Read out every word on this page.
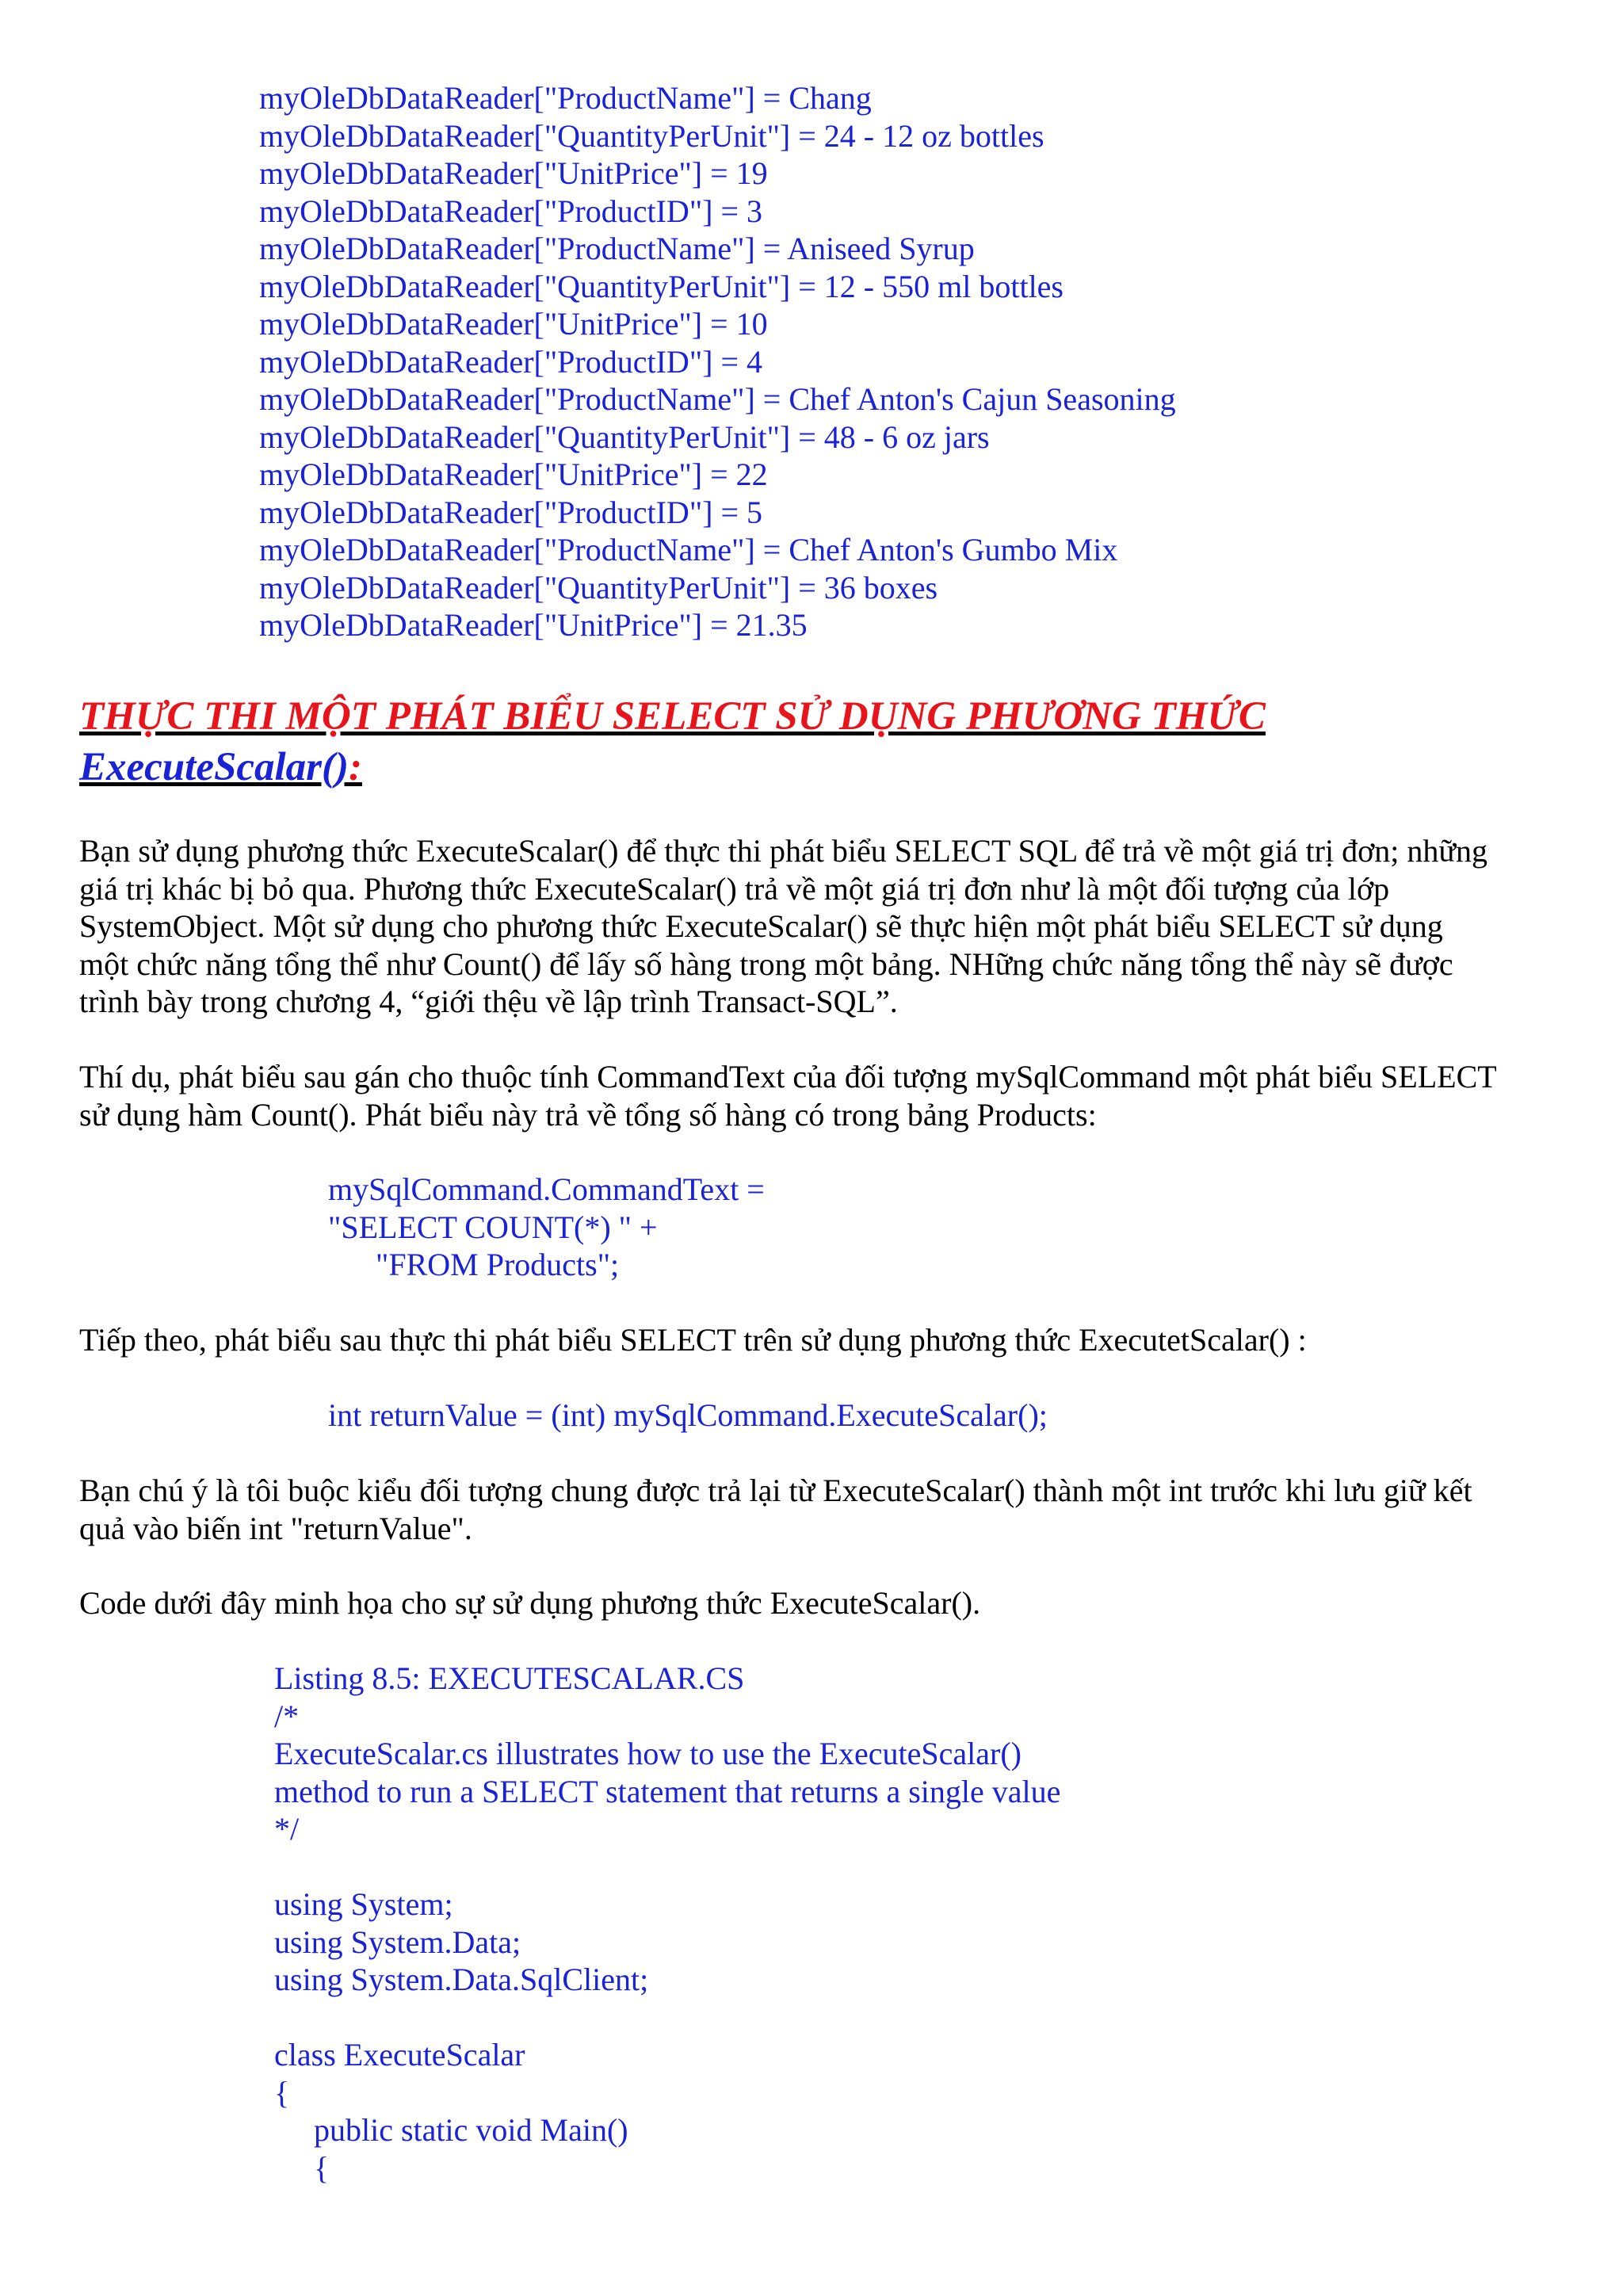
myOleDbDataReader["ProductName"] = Chang
myOleDbDataReader["QuantityPerUnit"] = 24 - 12 oz bottles
myOleDbDataReader["UnitPrice"] = 19
myOleDbDataReader["ProductID"] = 3
myOleDbDataReader["ProductName"] = Aniseed Syrup
myOleDbDataReader["QuantityPerUnit"] = 12 - 550 ml bottles
myOleDbDataReader["UnitPrice"] = 10
myOleDbDataReader["ProductID"] = 4
myOleDbDataReader["ProductName"] = Chef Anton's Cajun Seasoning
myOleDbDataReader["QuantityPerUnit"] = 48 - 6 oz jars
myOleDbDataReader["UnitPrice"] = 22
myOleDbDataReader["ProductID"] = 5
myOleDbDataReader["ProductName"] = Chef Anton's Gumbo Mix
myOleDbDataReader["QuantityPerUnit"] = 36 boxes
myOleDbDataReader["UnitPrice"] = 21.35
THỰC THI MỘT PHÁT BIỂU SELECT SỬ DỤNG PHƯƠNG THỨC
ExecuteScalar():
Bạn sử dụng phương thức ExecuteScalar() để thực thi phát biểu SELECT SQL để trả về một giá trị đơn; những
giá trị khác bị bỏ qua. Phương thức ExecuteScalar() trả về một giá trị đơn như là một đối tượng của lớp
SystemObject. Một sử dụng cho phương thức ExecuteScalar() sẽ thực hiện một phát biểu SELECT sử dụng
một chức năng tổng thể như Count() để lấy số hàng trong một bảng. NHững chức năng tổng thể này sẽ được
trình bày trong chương 4, “giới thệu về lập trình Transact-SQL”.
Thí dụ, phát biểu sau gán cho thuộc tính CommandText của đối tượng mySqlCommand một phát biểu SELECT
sử dụng hàm Count(). Phát biểu này trả về tổng số hàng có trong bảng Products:
mySqlCommand.CommandText =
"SELECT COUNT(*) " +
"FROM Products";
Tiếp theo, phát biểu sau thực thi phát biểu SELECT trên sử dụng phương thức ExecutetScalar() :
int returnValue = (int) mySqlCommand.ExecuteScalar();
Bạn chú ý là tôi buộc kiểu đối tượng chung được trả lại từ ExecuteScalar() thành một int trước khi lưu giữ kết
quả vào biến int "returnValue".
Code dưới đây minh họa cho sự sử dụng phương thức ExecuteScalar().
Listing 8.5: EXECUTESCALAR.CS
/*
ExecuteScalar.cs illustrates how to use the ExecuteScalar()
method to run a SELECT statement that returns a single value
*/
using System;
using System.Data;
using System.Data.SqlClient;
class ExecuteScalar
{
public static void Main()
{
